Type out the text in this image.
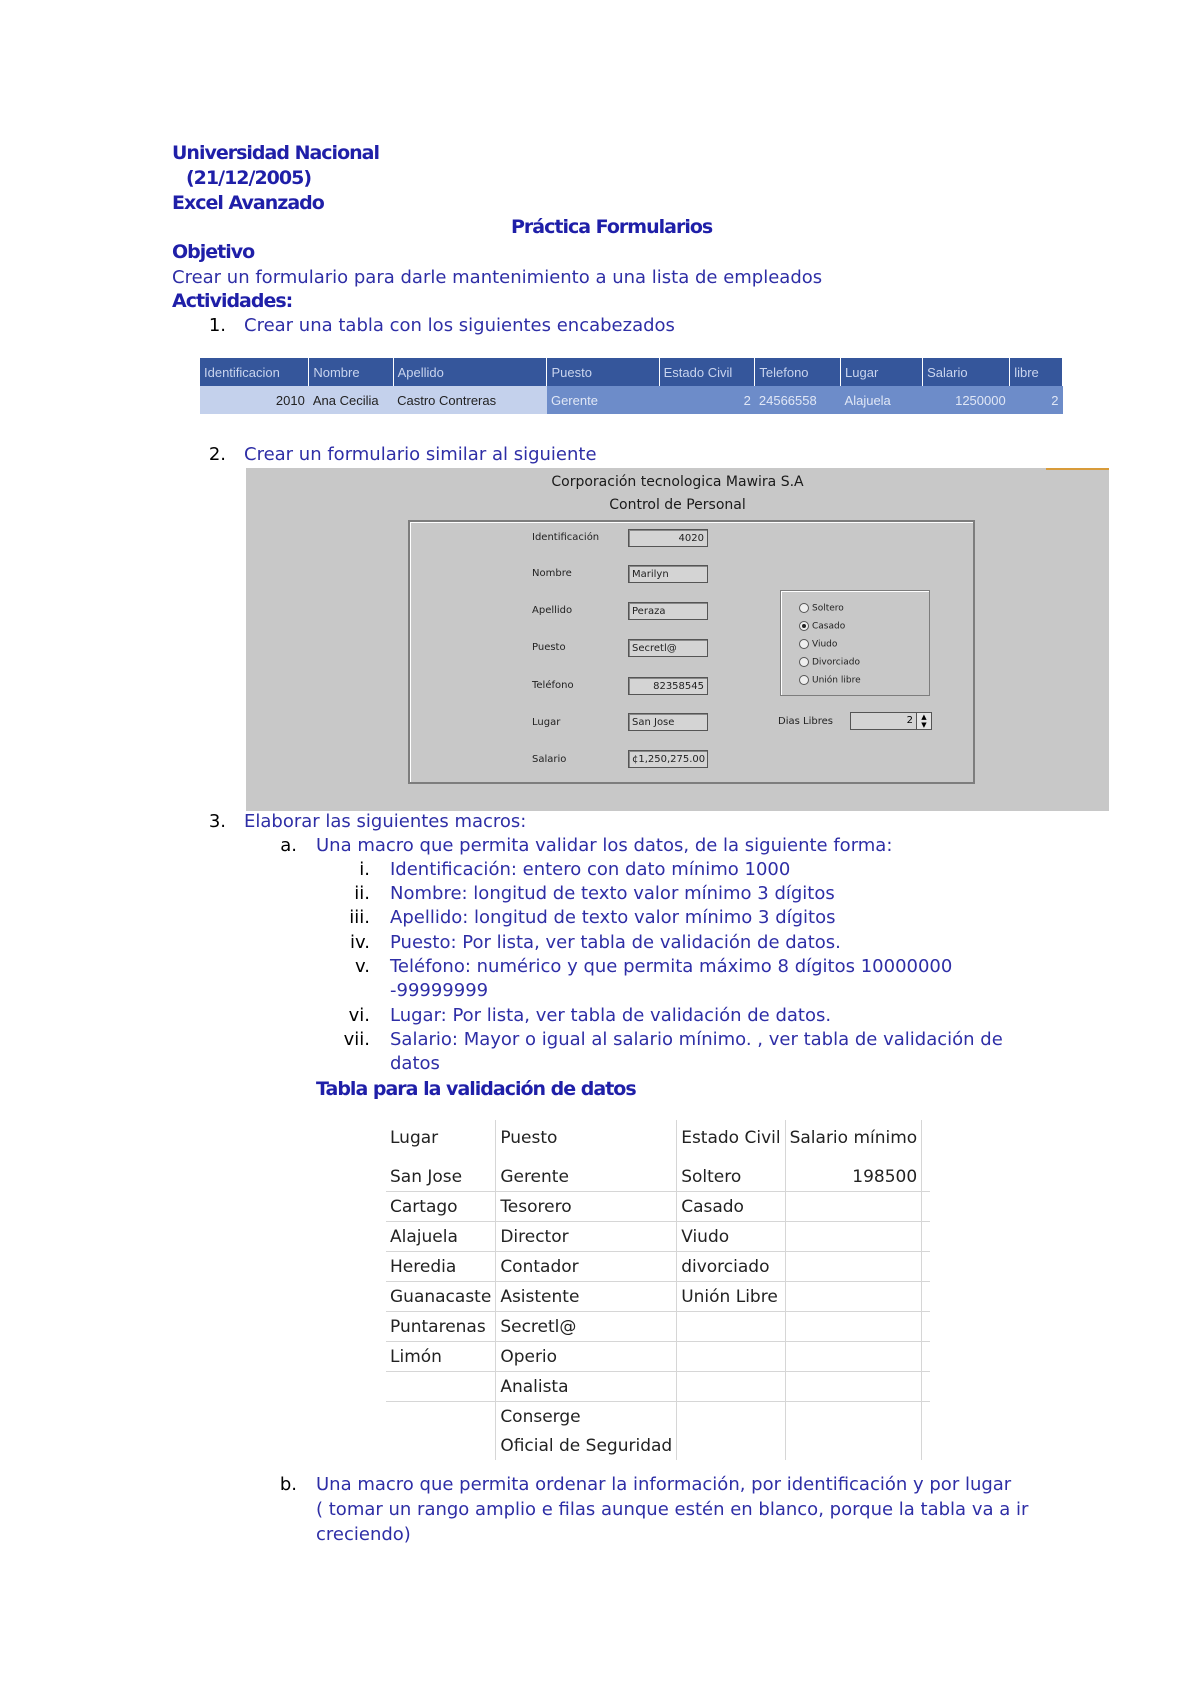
Universidad Nacional
(21/12/2005)
Excel Avanzado
Práctica Formularios
Objetivo
Crear un formulario para darle mantenimiento a una lista de empleados
Actividades:
1. Crear una tabla con los siguientes encabezados
Identificacion	Nombre	Apellido	Puesto	Estado Civil	Telefono	Lugar	Salario	libre
2010	Ana Cecilia	Castro Contreras	Gerente	2	24566558	Alajuela	1250000	2
2. Crear un formulario similar al siguiente
Corporación tecnologica Mawira S.A
Control de Personal
Identificación	4020
Nombre	Marilyn
Apellido	Peraza
Puesto	Secretl@
Teléfono	82358545
Lugar	San Jose
Salario	¢1,250,275.00
Soltero
Casado
Viudo
Divorciado
Unión libre
Dias Libres	2	▲
▼
3. Elaborar las siguientes macros:
a. Una macro que permita validar los datos, de la siguiente forma:
i. Identificación: entero con dato mínimo 1000
ii. Nombre: longitud de texto valor mínimo 3 dígitos
iii. Apellido: longitud de texto valor mínimo 3 dígitos
iv. Puesto: Por lista, ver tabla de validación de datos.
v. Teléfono: numérico y que permita máximo 8 dígitos 10000000
-99999999
vi. Lugar: Por lista, ver tabla de validación de datos.
vii. Salario: Mayor o igual al salario mínimo. , ver tabla de validación de
datos
Tabla para la validación de datos
Lugar	Puesto	Estado Civil	Salario mínimo	
San Jose	Gerente	Soltero	198500	
Cartago	Tesorero	Casado		
Alajuela	Director	Viudo		
Heredia	Contador	divorciado		
Guanacaste	Asistente	Unión Libre		
Puntarenas	Secretl@			
Limón	Operio			
	Analista			
	Conserge			
	Oficial de Seguridad			
b. Una macro que permita ordenar la información, por identificación y por lugar
( tomar un rango amplio e filas aunque estén en blanco, porque la tabla va a ir
creciendo)
